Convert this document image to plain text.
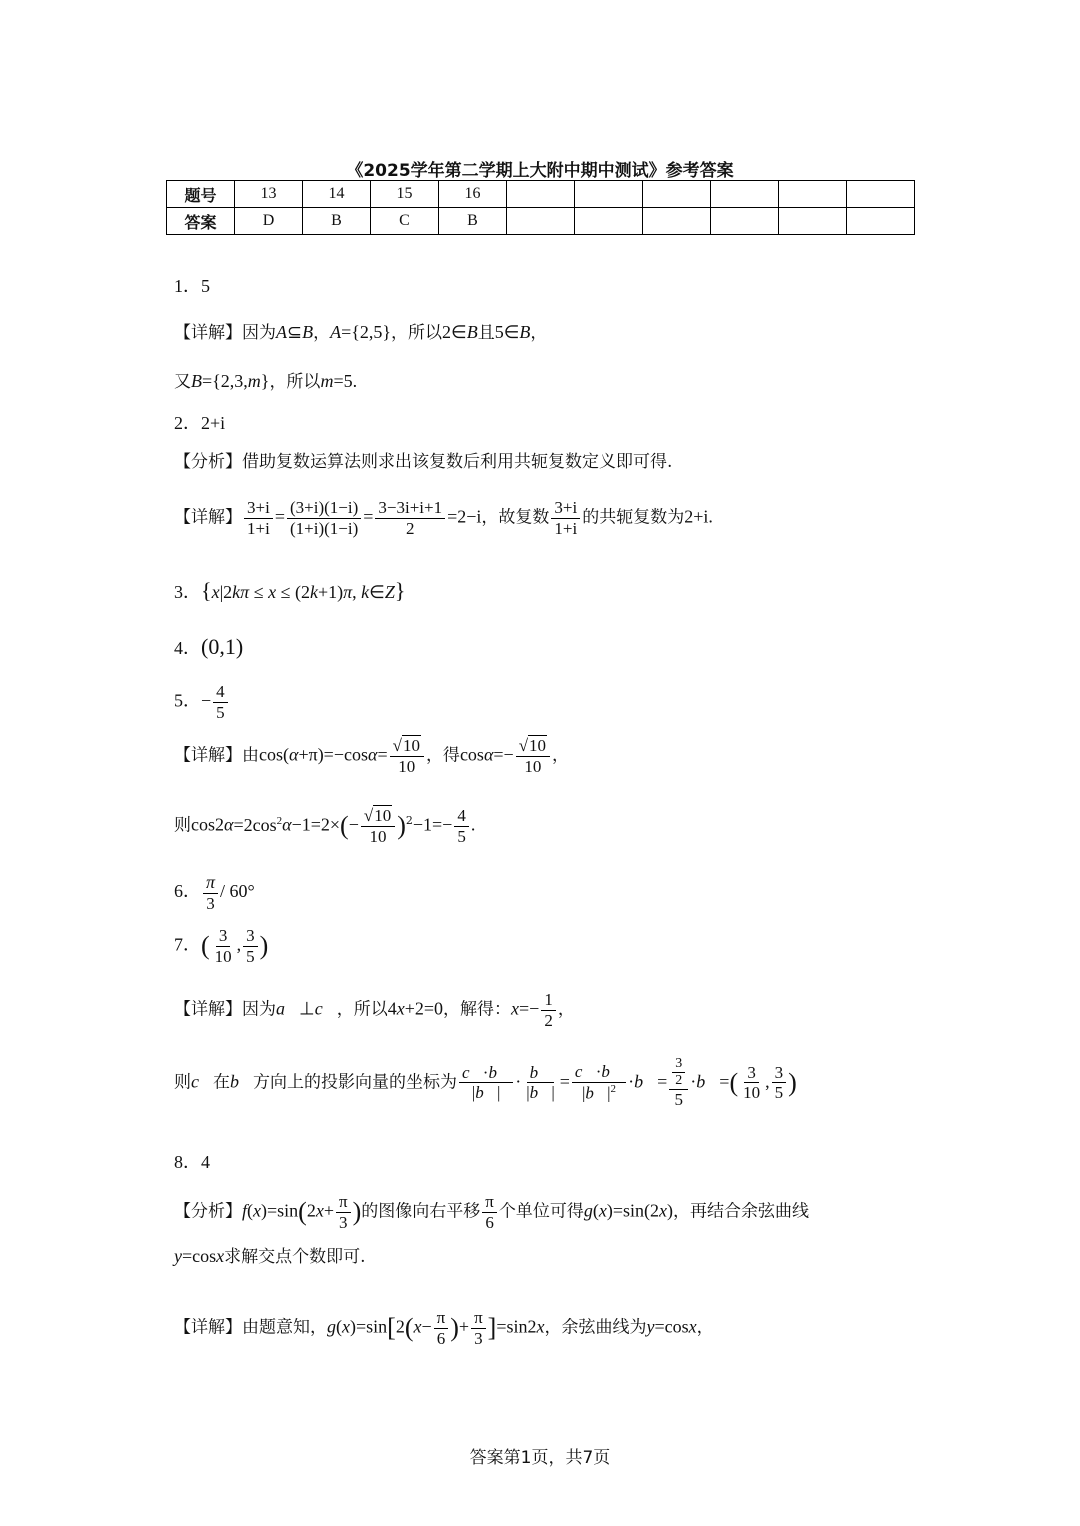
《2025学年第二学期上大附中期中测试》参考答案
题号	13	14	15	16						
答案	D	B	C	B						
1．5
【详解】因为A⊆B，A={2,5}，所以2∈B且5∈B，
又B={2,3,m}，所以m=5.
2．2+i
【分析】借助复数运算法则求出该复数后利用共轭复数定义即可得.
【详解】 $\frac{3+i}{1+i} = \frac{(3+i)(1-i)}{(1+i)(1-i)} = \frac{3-3i+i+1}{2} =2-i$，故复数 $\frac{3+i}{1+i}$ 的共轭复数为2+i.
3．{x|2kπ ≤ x ≤ (2k+1)π, k∈Z}
4．(0,1)
5．− $\frac{4}{5}$
【详解】由$\cos(\alpha+\pi)=-\cos\alpha= \frac{√10}{10}$ ，得$\cos\alpha=- \frac{√10}{10}$ ，
则$\cos 2\alpha=2\cos^2\alpha-1=2\times(- \frac{√10}{10} )^2-1=- \frac{4}{5}$ .
6． $\frac{\pi}{3} / 60^\circ$
7．( $\frac{3}{10}$ , $\frac{3}{5}$ )
【详解】因为a⃗⊥c⃗，所以4x+2=0，解得：$x=- \frac{1}{2}$ ，
则c⃗在b⃗方向上的投影向量的坐标为 $\frac{c⃗\cdot b⃗}{|b⃗|} \cdot \frac{b⃗}{|b⃗|} = \frac{c⃗\cdot b⃗}{|b⃗|^2}$ ·b⃗= $\frac{\frac{3}{2}}{5}$ ·b⃗=( $\frac{3}{10}$ , $\frac{3}{5}$ )
8．4
【分析】$f(x)=\sin(2x+ \frac{\pi}{3}$ )的图像向右平移 $\frac{\pi}{6}$ 个单位可得g(x)=sin(2x)，再结合余弦曲线
y=cosx求解交点个数即可.
【详解】由题意知，$g(x)=\sin[2(x- \frac{\pi}{6}$ )+ $\frac{\pi}{3} ]=\sin 2x$，余弦曲线为y=cosx，
答案第1页，共7页
